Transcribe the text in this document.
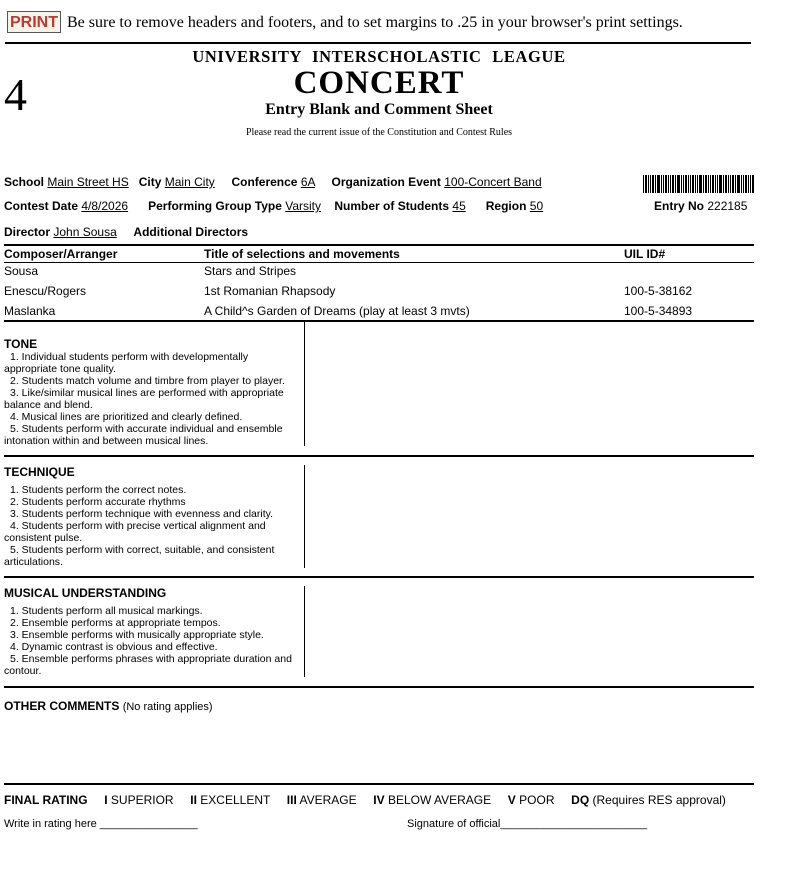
PRINT Be sure to remove headers and footers, and to set margins to .25 in your browser's print settings.
4
UNIVERSITY INTERSCHOLASTIC LEAGUE
CONCERT
Entry Blank and Comment Sheet
Please read the current issue of the Constitution and Contest Rules
School Main Street HS City Main City Conference 6A Organization Event 100-Concert Band
Contest Date 4/8/2026 Performing Group Type Varsity Number of Students 45 Region 50	Entry No 222185
Director John Sousa Additional Directors
Composer/Arranger	Title of selections and movements	UIL ID#
Sousa	Stars and Stripes
Enescu/Rogers	1st Romanian Rhapsody	100-5-38162
Maslanka	A Child^s Garden of Dreams (play at least 3 mvts)	100-5-34893
TONE
1. Individual students perform with developmentally appropriate tone quality.
2. Students match volume and timbre from player to player.
3. Like/similar musical lines are performed with appropriate balance and blend.
4. Musical lines are prioritized and clearly defined.
5. Students perform with accurate individual and ensemble intonation within and between musical lines.
TECHNIQUE
1. Students perform the correct notes.
2. Students perform accurate rhythms
3. Students perform technique with evenness and clarity.
4. Students perform with precise vertical alignment and consistent pulse.
5. Students perform with correct, suitable, and consistent articulations.
MUSICAL UNDERSTANDING
1. Students perform all musical markings.
2. Ensemble performs at appropriate tempos.
3. Ensemble performs with musically appropriate style.
4. Dynamic contrast is obvious and effective.
5. Ensemble performs phrases with appropriate duration and contour.
OTHER COMMENTS (No rating applies)
FINAL RATING I SUPERIOR II EXCELLENT III AVERAGE IV BELOW AVERAGE V POOR DQ (Requires RES approval)
Write in rating here ________________	Signature of official________________________
